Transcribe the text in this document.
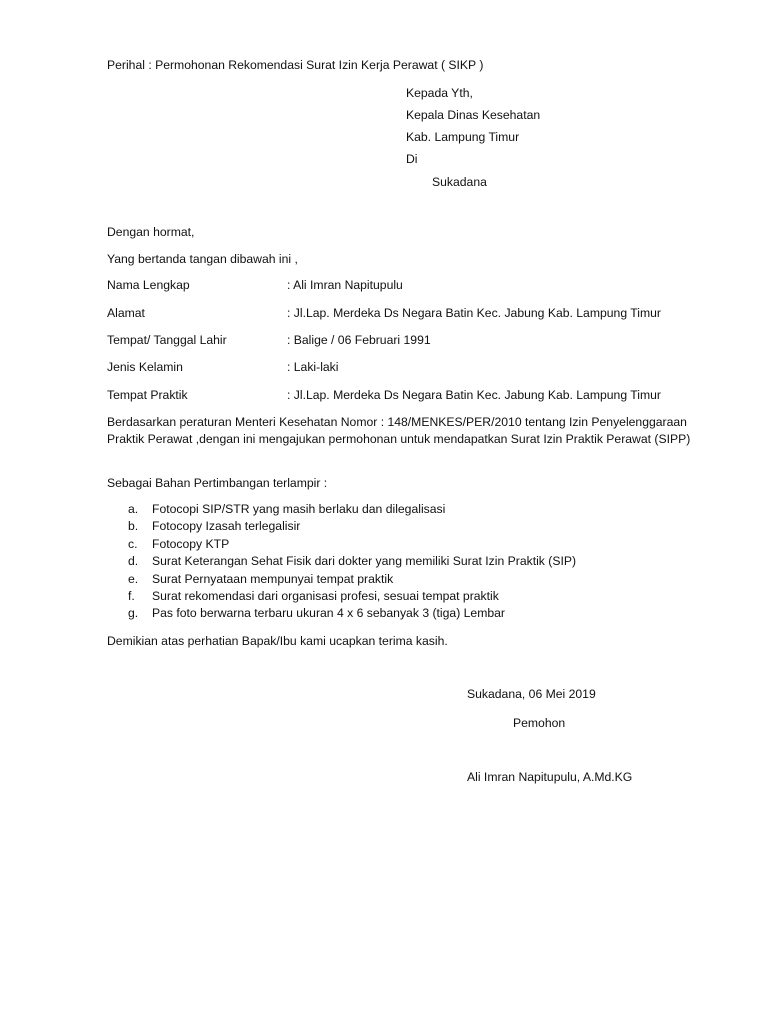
Perihal : Permohonan Rekomendasi Surat Izin Kerja Perawat ( SIKP )
Kepada Yth,
Kepala Dinas Kesehatan
Kab. Lampung Timur
Di
Sukadana
Dengan hormat,
Yang bertanda tangan dibawah ini ,
Nama Lengkap	: Ali Imran Napitupulu
Alamat	: Jl.Lap. Merdeka Ds Negara Batin Kec. Jabung Kab. Lampung Timur
Tempat/ Tanggal Lahir	: Balige / 06 Februari 1991
Jenis Kelamin	: Laki-laki
Tempat Praktik	: Jl.Lap. Merdeka Ds Negara Batin Kec. Jabung Kab. Lampung Timur
Berdasarkan peraturan Menteri Kesehatan Nomor : 148/MENKES/PER/2010 tentang Izin Penyelenggaraan Praktik Perawat ,dengan ini mengajukan permohonan untuk mendapatkan Surat Izin Praktik Perawat (SIPP)
Sebagai Bahan Pertimbangan terlampir :
a. Fotocopi SIP/STR yang masih berlaku dan dilegalisasi
b. Fotocopy Izasah terlegalisir
c. Fotocopy KTP
d. Surat Keterangan Sehat Fisik dari dokter yang memiliki Surat Izin Praktik (SIP)
e. Surat Pernyataan mempunyai tempat praktik
f. Surat rekomendasi dari organisasi profesi, sesuai tempat praktik
g. Pas foto berwarna terbaru ukuran 4 x 6 sebanyak 3 (tiga) Lembar
Demikian atas perhatian Bapak/Ibu kami ucapkan terima kasih.
Sukadana, 06 Mei 2019
Pemohon
Ali Imran Napitupulu, A.Md.KG
